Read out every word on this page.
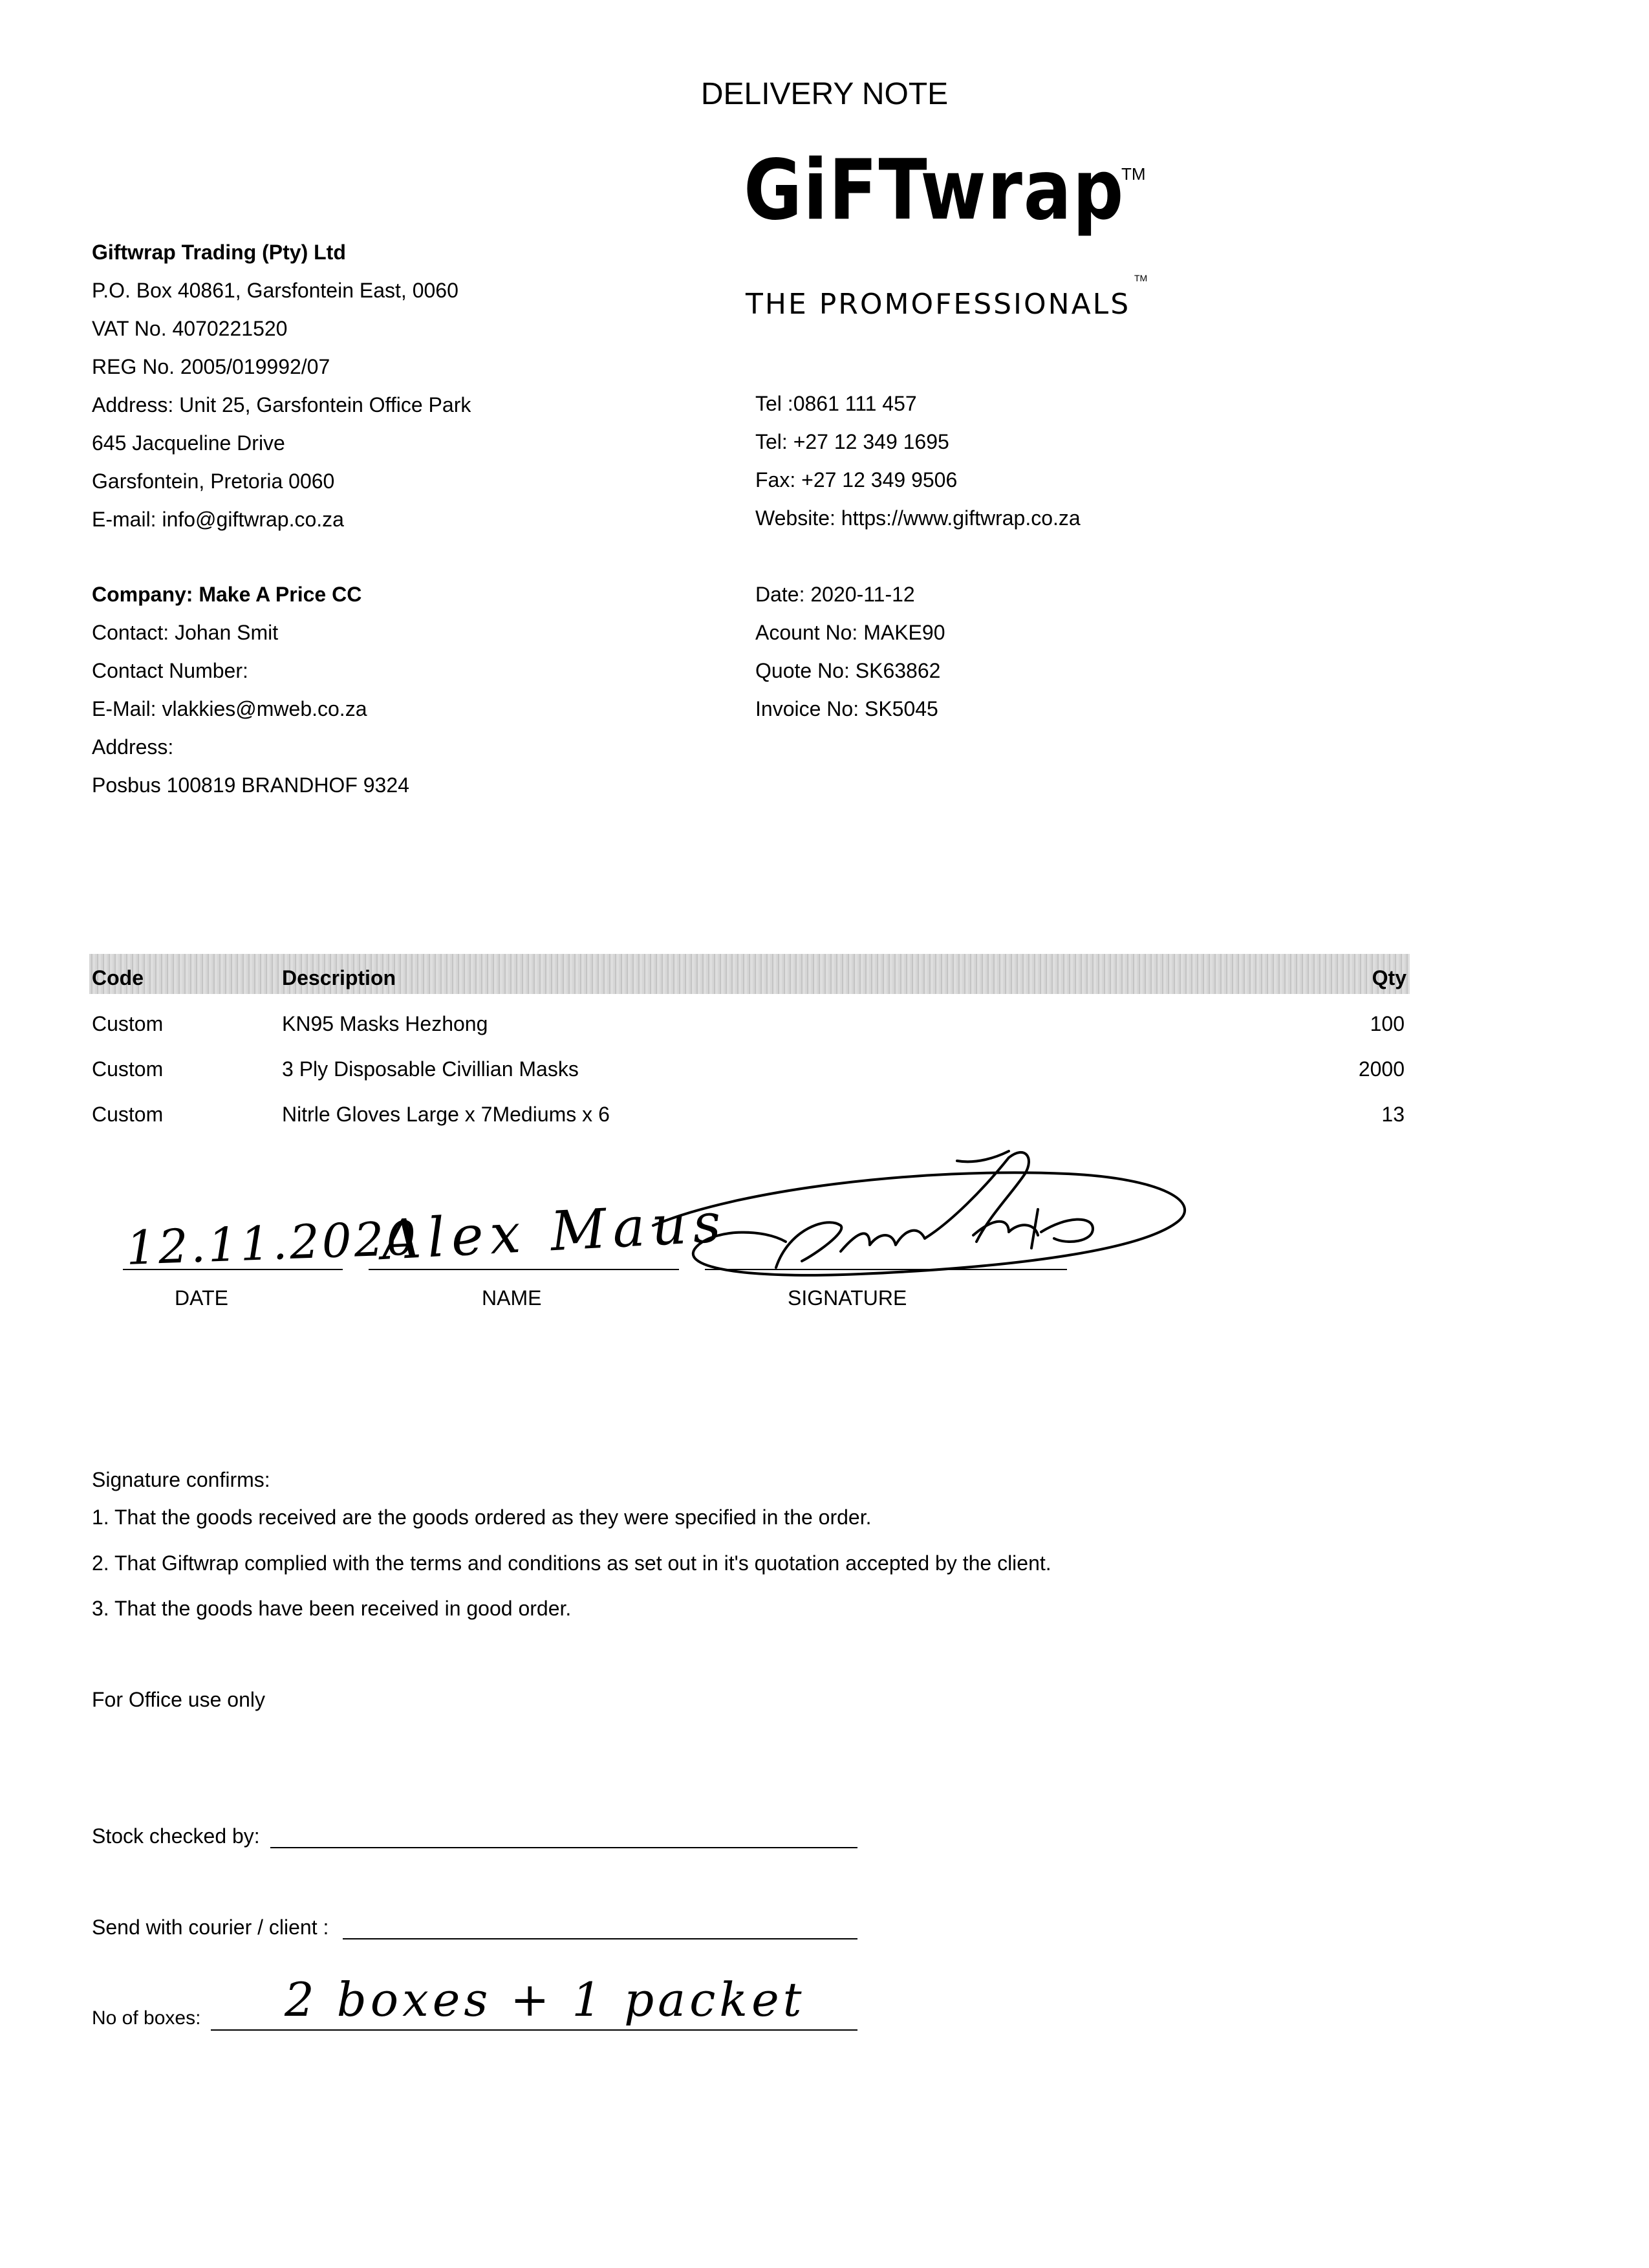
DELIVERY NOTE
GiFTwrap
TM
THE PROMOFESSIONALS
TM
Giftwrap Trading (Pty) Ltd
P.O. Box 40861, Garsfontein East, 0060
VAT No. 4070221520
REG No. 2005/019992/07
Address: Unit 25, Garsfontein Office Park
645 Jacqueline Drive
Garsfontein, Pretoria 0060
E-mail: info@giftwrap.co.za
Tel :0861 111 457
Tel: +27 12 349 1695
Fax: +27 12 349 9506
Website: https://www.giftwrap.co.za
Company: Make A Price CC
Contact: Johan Smit
Contact Number:
E-Mail: vlakkies@mweb.co.za
Address:
Posbus 100819 BRANDHOF 9324
Date: 2020-11-12
Acount No: MAKE90
Quote No: SK63862
Invoice No: SK5045
Code	Description	Qty
Custom	KN95 Masks Hezhong	100
Custom	3 Ply Disposable Civillian Masks	2000
Custom	Nitrle Gloves Large x 7Mediums x 6	13
DATE	NAME	SIGNATURE
12.11.2020
Alex Maus
Signature confirms:
1. That the goods received are the goods ordered as they were specified in the order.
2. That Giftwrap complied with the terms and conditions as set out in it's quotation accepted by the client.
3. That the goods have been received in good order.
For Office use only
Stock checked by:
Send with courier / client :
No of boxes: 2 boxes + 1 packet
